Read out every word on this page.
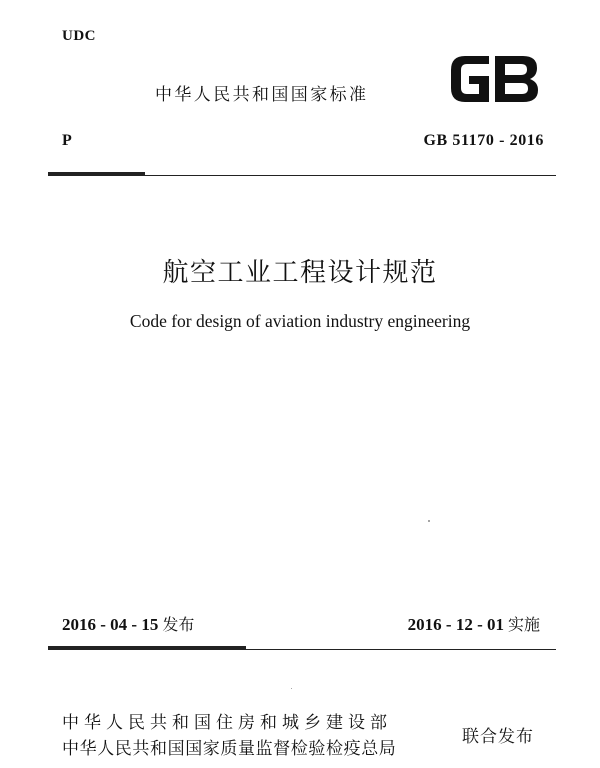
UDC
中华人民共和国国家标准
P	GB 51170 - 2016
航空工业工程设计规范
Code for design of aviation industry engineering
2016 - 04 - 15 发布	2016 - 12 - 01 实施
中华人民共和国住房和城乡建设部
中华人民共和国国家质量监督检验检疫总局
联合发布
